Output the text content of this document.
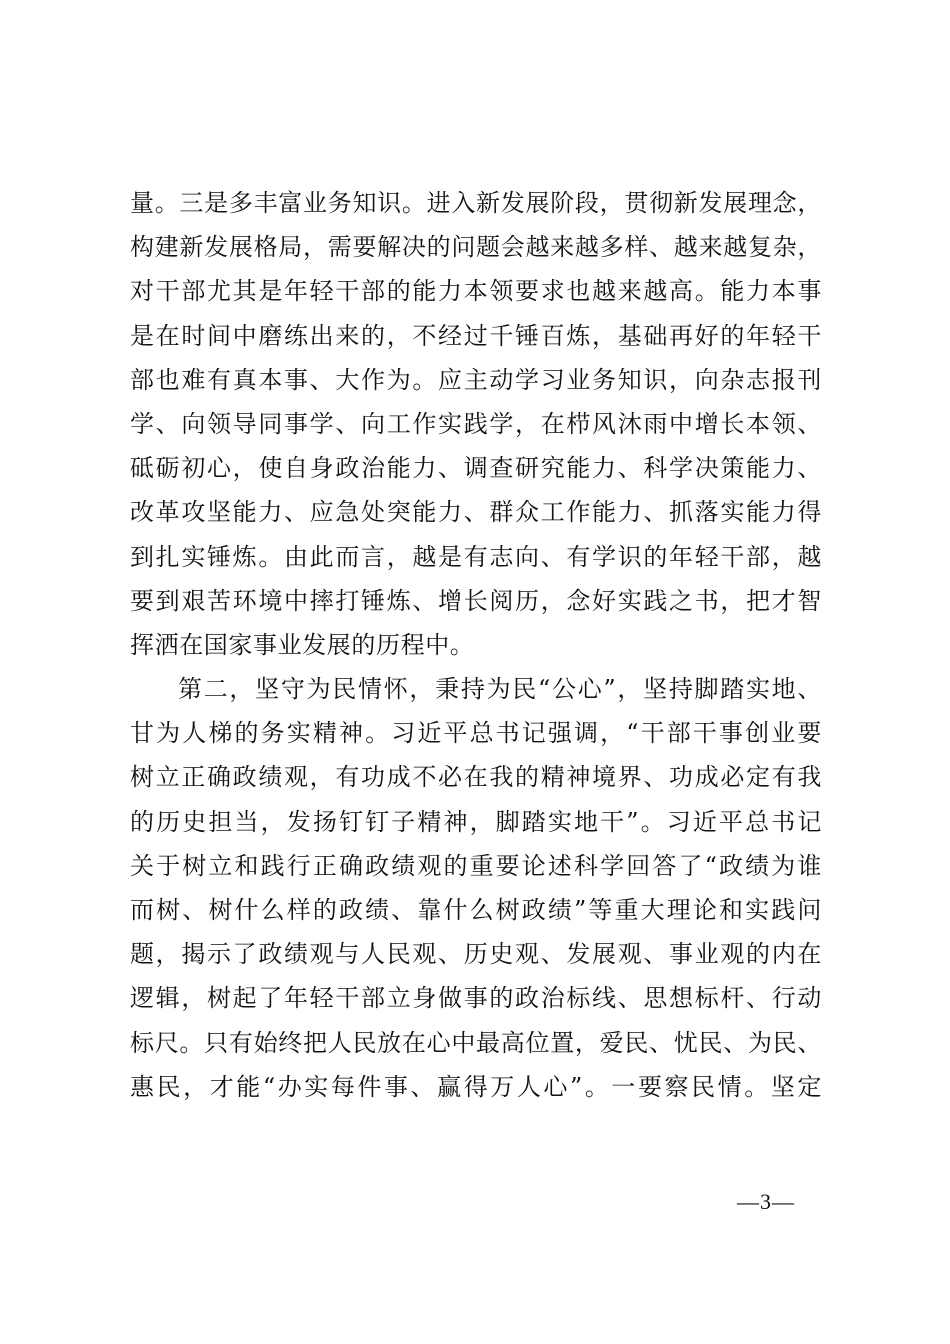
量。三是多丰富业务知识。进入新发展阶段，贯彻新发展理念，
构建新发展格局，需要解决的问题会越来越多样、越来越复杂，
对干部尤其是年轻干部的能力本领要求也越来越高。能力本事
是在时间中磨练出来的，不经过千锤百炼，基础再好的年轻干
部也难有真本事、大作为。应主动学习业务知识，向杂志报刊
学、向领导同事学、向工作实践学，在栉风沐雨中增长本领、
砥砺初心，使自身政治能力、调查研究能力、科学决策能力、
改革攻坚能力、应急处突能力、群众工作能力、抓落实能力得
到扎实锤炼。由此而言，越是有志向、有学识的年轻干部，越
要到艰苦环境中摔打锤炼、增长阅历，念好实践之书，把才智
挥洒在国家事业发展的历程中。
第二，坚守为民情怀，秉持为民“公心”，坚持脚踏实地、
甘为人梯的务实精神。习近平总书记强调，“干部干事创业要
树立正确政绩观，有功成不必在我的精神境界、功成必定有我
的历史担当，发扬钉钉子精神，脚踏实地干”。习近平总书记
关于树立和践行正确政绩观的重要论述科学回答了“政绩为谁
而树、树什么样的政绩、靠什么树政绩”等重大理论和实践问
题，揭示了政绩观与人民观、历史观、发展观、事业观的内在
逻辑，树起了年轻干部立身做事的政治标线、思想标杆、行动
标尺。只有始终把人民放在心中最高位置，爱民、忧民、为民、
惠民，才能“办实每件事、赢得万人心”。一要察民情。坚定
—3—
